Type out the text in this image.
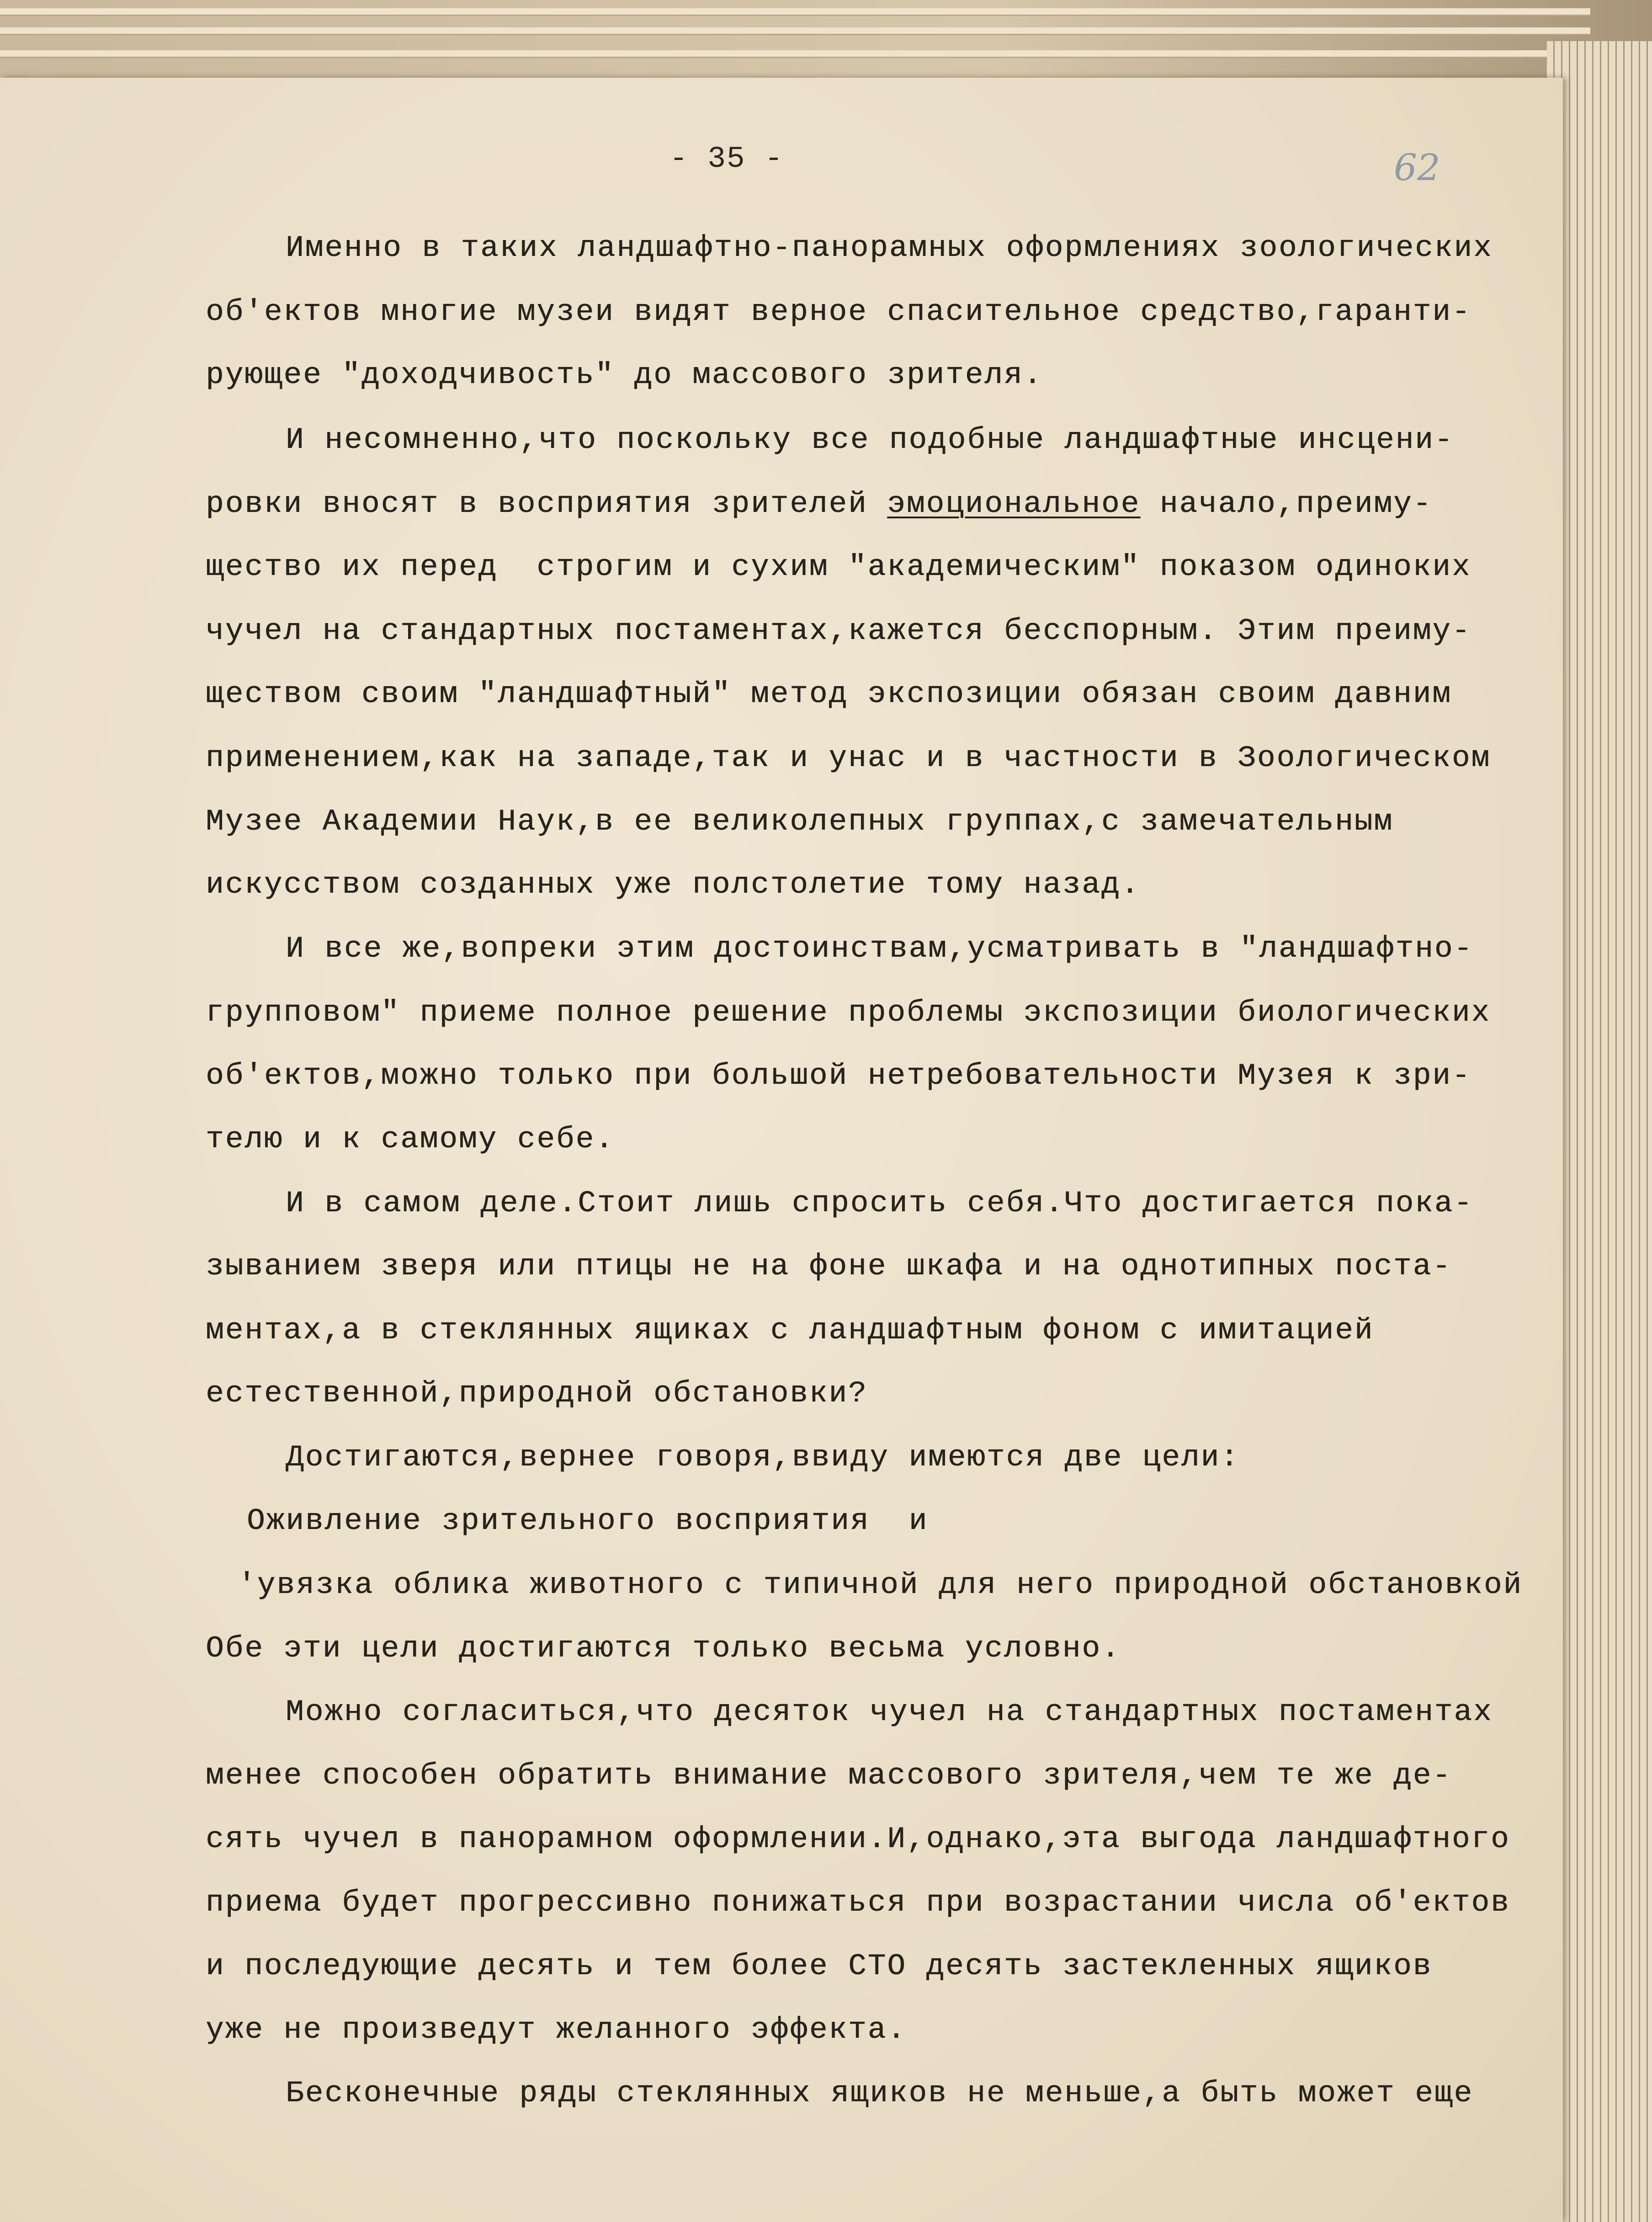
- 35 -	62
Именно в таких ландшафтно-панорамных оформлениях зоологических
об'ектов многие музеи видят верное спасительное средство,гаранти-
рующее "доходчивость" до массового зрителя.
И несомненно,что поскольку все подобные ландшафтные инсцени-
ровки вносят в восприятия зрителей эмоциональное начало,преиму-
щество их перед  строгим и сухим "академическим" показом одиноких
чучел на стандартных постаментах,кажется бесспорным. Этим преиму-
ществом своим "ландшафтный" метод экспозиции обязан своим давним
применением,как на западе,так и унас и в частности в Зоологическом
Музее Академии Наук,в ее великолепных группах,с замечательным
искусством созданных уже полстолетие тому назад.
И все же,вопреки этим достоинствам,усматривать в "ландшафтно-
групповом" приеме полное решение проблемы экспозиции биологических
об'ектов,можно только при большой нетребовательности Музея к зри-
телю и к самому себе.
И в самом деле.Стоит лишь спросить себя.Что достигается пока-
зыванием зверя или птицы не на фоне шкафа и на однотипных поста-
ментах,а в стеклянных ящиках с ландшафтным фоном с имитацией
естественной,природной обстановки?
Достигаются,вернее говоря,ввиду имеются две цели:
Оживление зрительного восприятия  и
'увязка облика животного с типичной для него природной обстановкой
Обе эти цели достигаются только весьма условно.
Можно согласиться,что десяток чучел на стандартных постаментах
менее способен обратить внимание массового зрителя,чем те же де-
сять чучел в панорамном оформлении.И,однако,эта выгода ландшафтного
приема будет прогрессивно понижаться при возрастании числа об'ектов
и последующие десять и тем более СТО десять застекленных ящиков
уже не произведут желанного эффекта.
Бесконечные ряды стеклянных ящиков не меньше,а быть может еще
